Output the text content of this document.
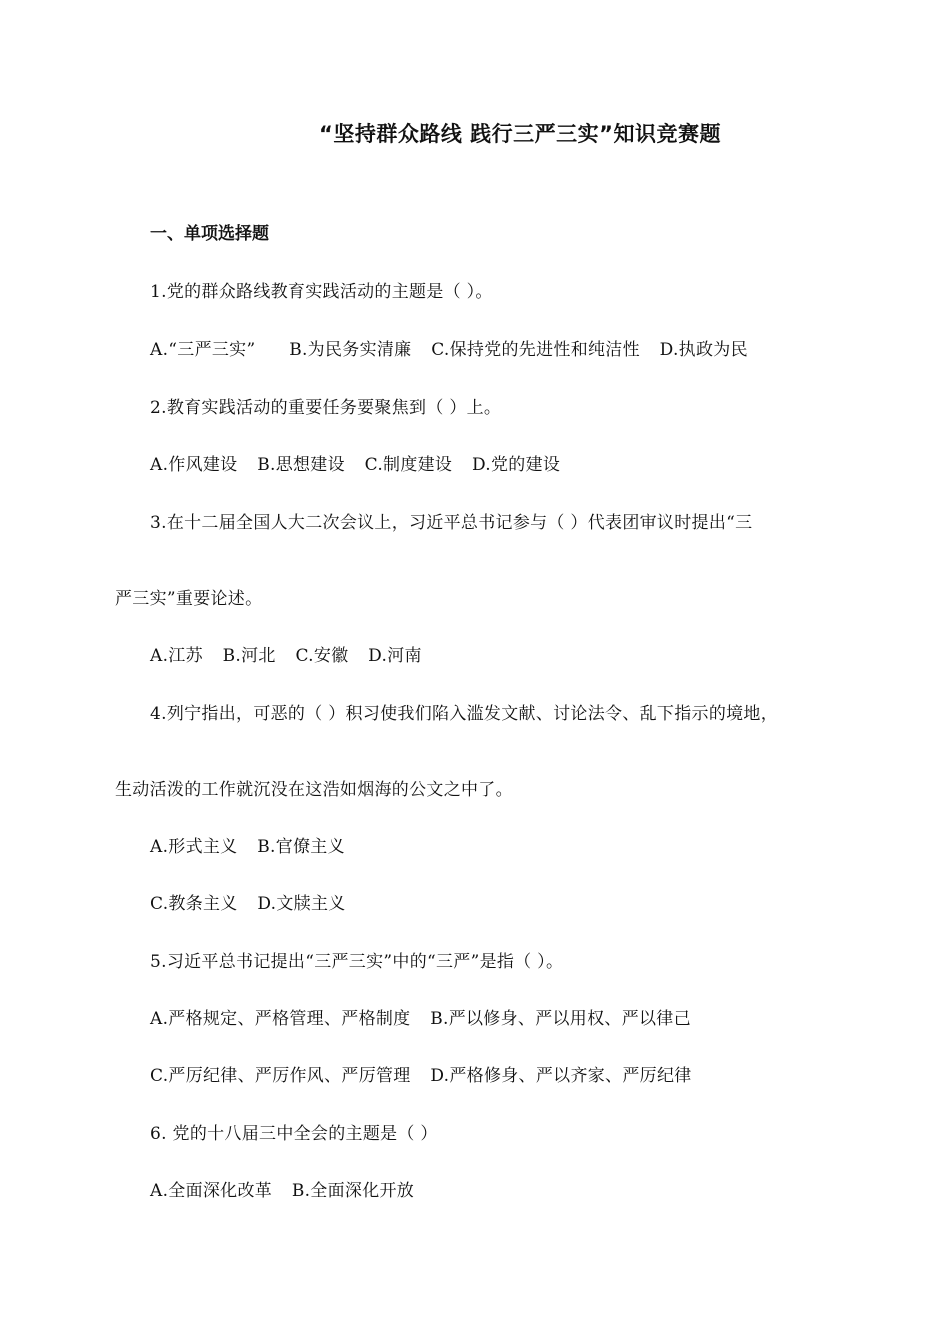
“坚持群众路线 践行三严三实”知识竞赛题
一、单项选择题
1.党的群众路线教育实践活动的主题是（ ）。
A.“三严三实” B.为民务实清廉 C.保持党的先进性和纯洁性 D.执政为民
2.教育实践活动的重要任务要聚焦到（ ）上。
A.作风建设 B.思想建设 C.制度建设 D.党的建设
3.在十二届全国人大二次会议上，习近平总书记参与（ ）代表团审议时提出“三
严三实”重要论述。
A.江苏 B.河北 C.安徽 D.河南
4.列宁指出，可恶的（ ）积习使我们陷入滥发文献、讨论法令、乱下指示的境地，
生动活泼的工作就沉没在这浩如烟海的公文之中了。
A.形式主义 B.官僚主义
C.教条主义 D.文牍主义
5.习近平总书记提出“三严三实”中的“三严”是指（ ）。
A.严格规定、严格管理、严格制度 B.严以修身、严以用权、严以律己
C.严厉纪律、严厉作风、严厉管理 D.严格修身、严以齐家、严厉纪律
6. 党的十八届三中全会的主题是（ ）
A.全面深化改革 B.全面深化开放
